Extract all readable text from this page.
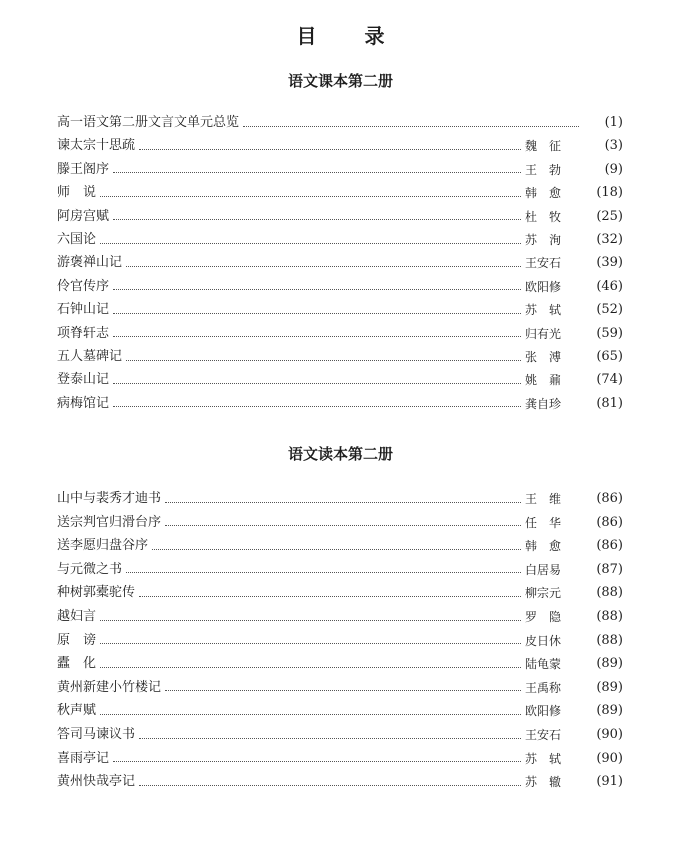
目录
语文课本第二册
高一语文第二册文言文单元总览	(1)
谏太宗十思疏	魏　征	(3)
滕王阁序	王　勃	(9)
师　说	韩　愈	(18)
阿房宫赋	杜　牧	(25)
六国论	苏　洵	(32)
游褒禅山记	王安石	(39)
伶官传序	欧阳修	(46)
石钟山记	苏　轼	(52)
项脊轩志	归有光	(59)
五人墓碑记	张　溥	(65)
登泰山记	姚　鼐	(74)
病梅馆记	龚自珍	(81)
语文读本第二册
山中与裴秀才迪书	王　维	(86)
送宗判官归滑台序	任　华	(86)
送李愿归盘谷序	韩　愈	(86)
与元微之书	白居易	(87)
种树郭橐驼传	柳宗元	(88)
越妇言	罗　隐	(88)
原　谤	皮日休	(88)
蠹　化	陆龟蒙	(89)
黄州新建小竹楼记	王禹称	(89)
秋声赋	欧阳修	(89)
答司马谏议书	王安石	(90)
喜雨亭记	苏　轼	(90)
黄州快哉亭记	苏　辙	(91)
